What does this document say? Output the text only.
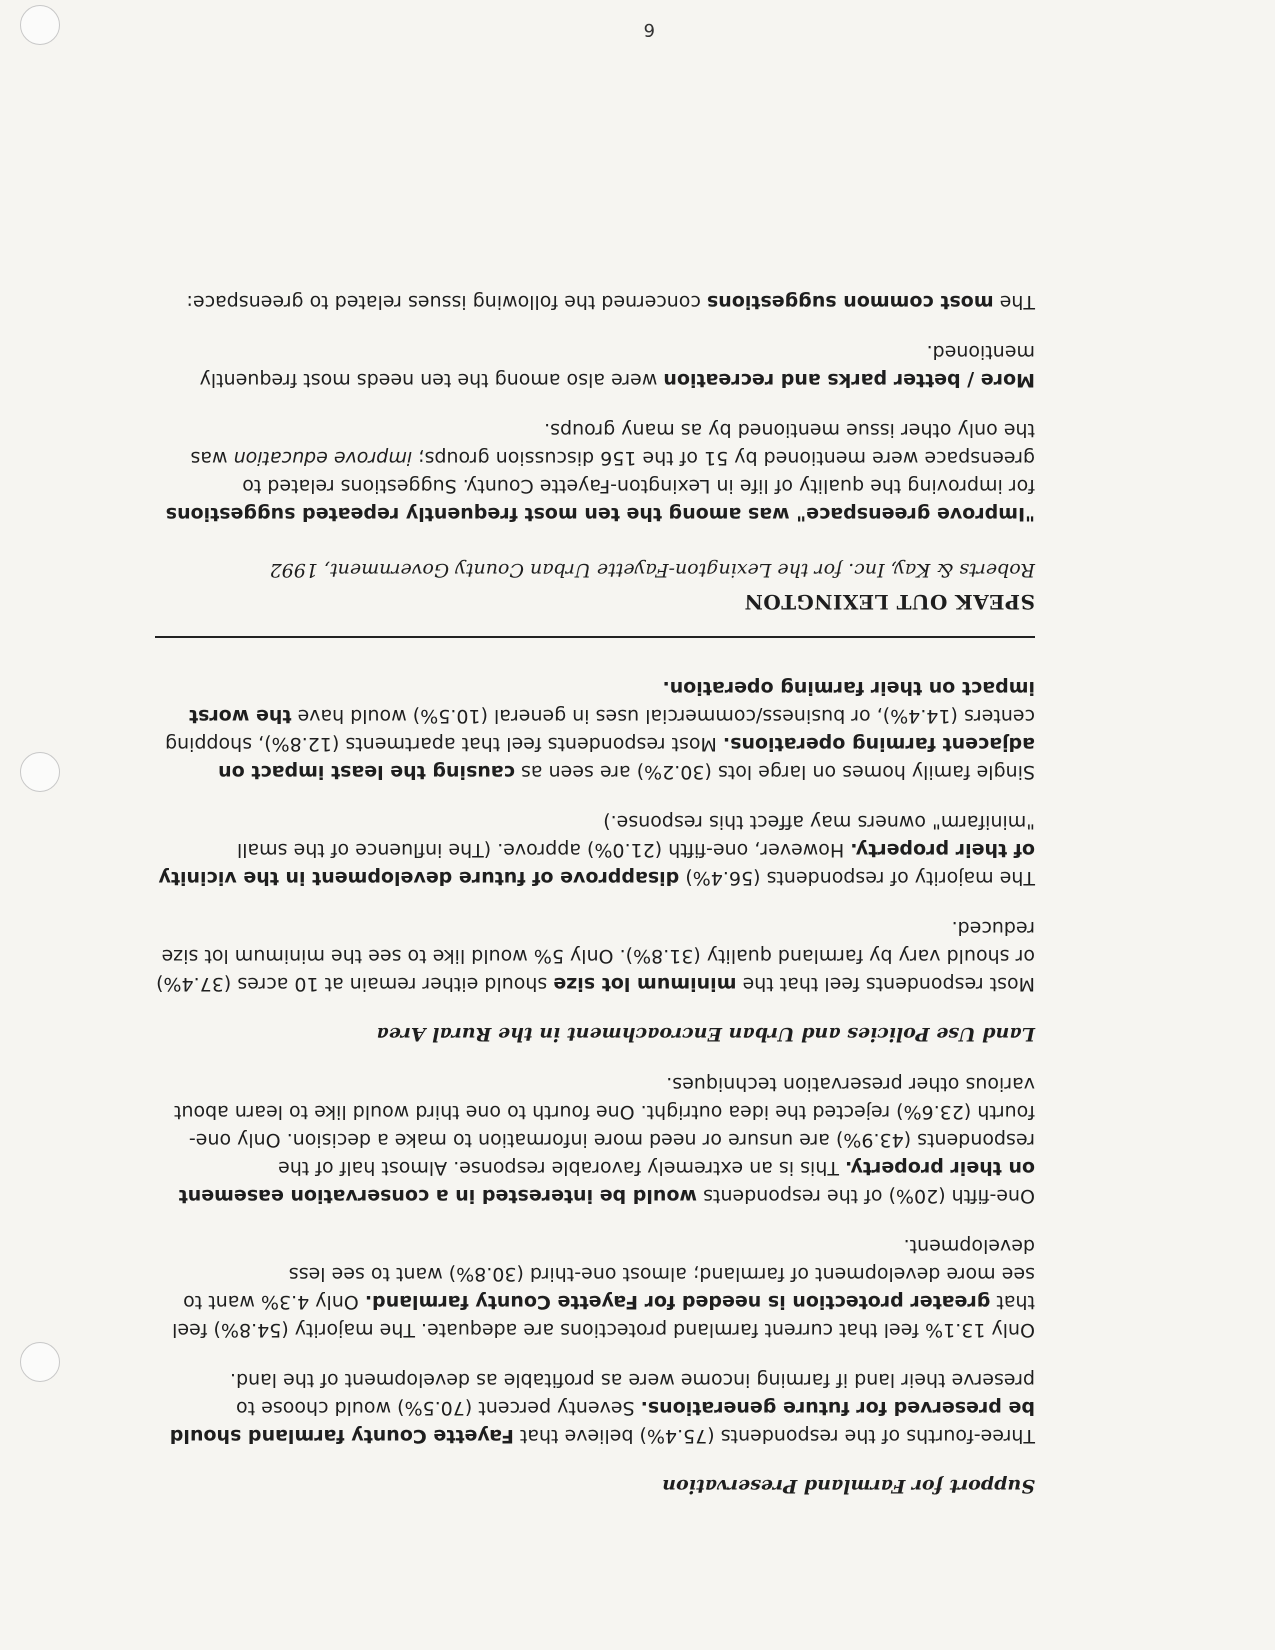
Support for Farmland Preservation

Three-fourths of the respondents (75.4%) believe that Fayette County farmland should be preserved for future generations. Seventy percent (70.5%) would choose to preserve their land if farming income were as profitable as development of the land.

Only 13.1% feel that current farmland protections are adequate. The majority (54.8%) feel that greater protection is needed for Fayette County farmland. Only 4.3% want to see more development of farmland; almost one-third (30.8%) want to see less development.

One-fifth (20%) of the respondents would be interested in a conservation easement on their property. This is an extremely favorable response. Almost half of the respondents (43.9%) are unsure or need more information to make a decision. Only one-fourth (23.6%) rejected the idea outright. One fourth to one third would like to learn about various other preservation techniques.

Land Use Policies and Urban Encroachment in the Rural Area

Most respondents feel that the minimum lot size should either remain at 10 acres (37.4%) or should vary by farmland quality (31.8%). Only 5% would like to see the minimum lot size reduced.

The majority of respondents (56.4%) disapprove of future development in the vicinity of their property. However, one-fifth (21.0%) approve. (The influence of the small "minifarm" owners may affect this response.)

Single family homes on large lots (30.2%) are seen as causing the least impact on adjacent farming operations. Most respondents feel that apartments (12.8%), shopping centers (14.4%), or business/commercial uses in general (10.5%) would have the worst impact on their farming operation.

SPEAK OUT LEXINGTON
Roberts & Kay, Inc. for the Lexington-Fayette Urban County Government, 1992

"Improve greenspace" was among the ten most frequently repeated suggestions for improving the quality of life in Lexington-Fayette County. Suggestions related to greenspace were mentioned by 51 of the 156 discussion groups; improve education was the only other issue mentioned by as many groups.

More / better parks and recreation were also among the ten needs most frequently mentioned.

The most common suggestions concerned the following issues related to greenspace:

6
